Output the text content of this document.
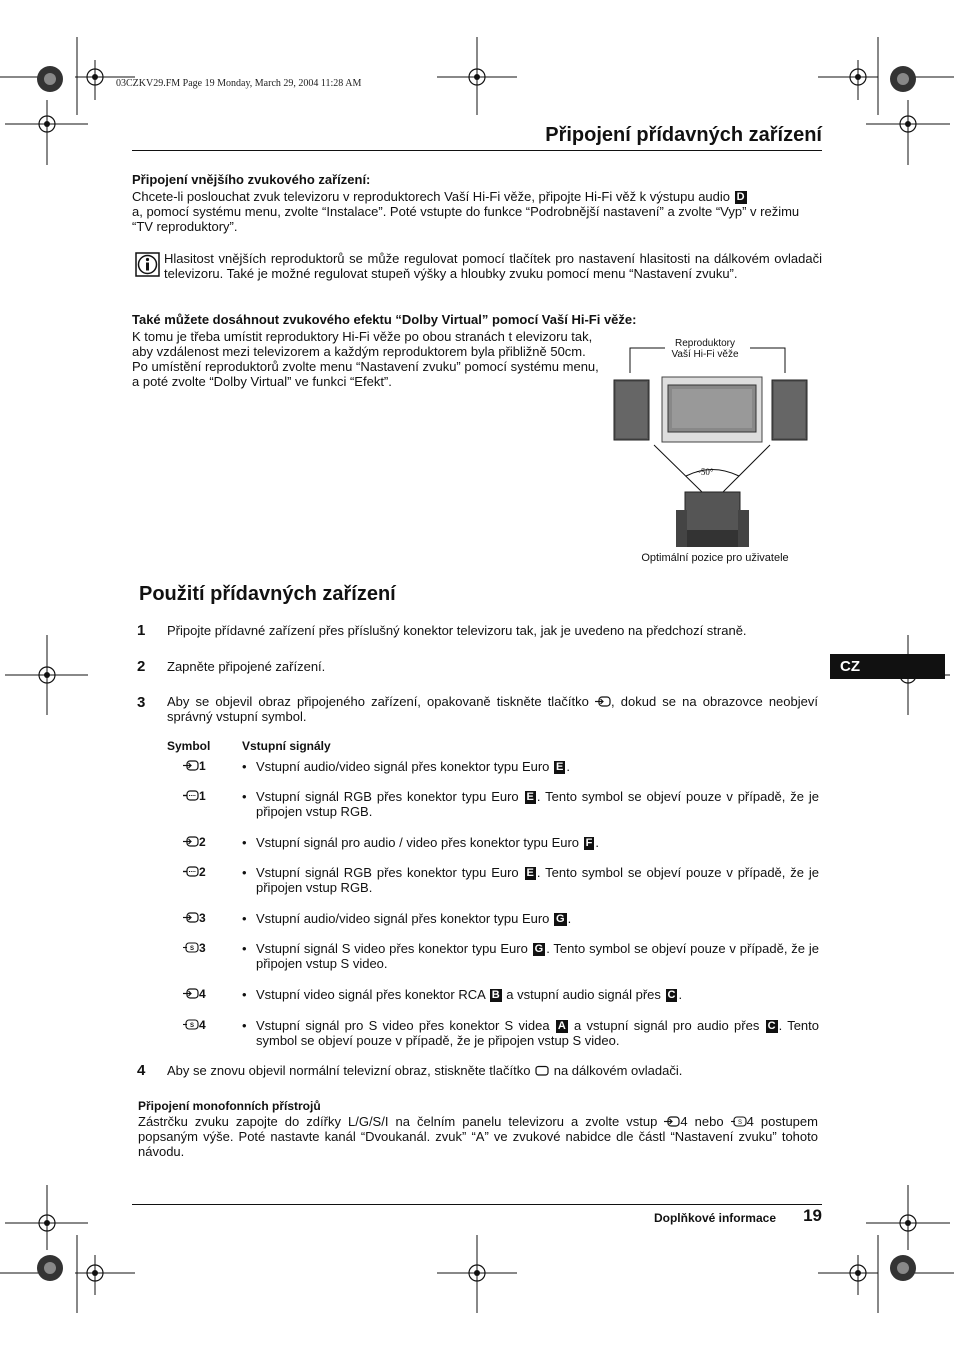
03CZKV29.FM Page 19 Monday, March 29, 2004 11:28 AM
Připojení přídavných zařízení
Připojení vnějšího zvukového zařízení:
Chcete-li poslouchat zvuk televizoru v reproduktorech Vaší Hi-Fi věže, připojte Hi-Fi věž k výstupu audio D
a, pomocí systému menu, zvolte “Instalace”. Poté vstupte do funkce “Podrobnější nastavení” a zvolte “Vyp” v režimu “TV reproduktory”.
Hlasitost vnějších reproduktorů se může regulovat pomocí tlačítek pro nastavení hlasitosti na dálkovém ovladači televizoru. Také je možné regulovat stupeň výšky a hloubky zvuku pomocí menu “Nastavení zvuku”.
Také můžete dosáhnout zvukového efektu “Dolby Virtual” pomocí Vaší Hi-Fi věže:
K tomu je třeba umístit reproduktory Hi-Fi věže po obou stranách t elevizoru tak, aby vzdálenost mezi televizorem a každým reproduktorem byla přibližně 50cm. Po umístění reproduktorů zvolte menu “Nastavení zvuku” pomocí systému menu, a poté zvolte “Dolby Virtual” ve funkci “Efekt”.
Reproduktory
Vaší Hi-Fi věže
~50°
Optimální pozice pro uživatele
Použití přídavných zařízení
1 Připojte přídavné zařízení přes příslušný konektor televizoru tak, jak je uvedeno na předchozí straně.
2 Zapněte připojené zařízení.
3 Aby se objevil obraz připojeného zařízení, opakovaně tiskněte tlačítko , dokud se na obrazovce neobjeví správný vstupní symbol.
Symbol	Vstupní signály
1	• Vstupní audio/video signál přes konektor typu Euro E .
1	• Vstupní signál RGB přes konektor typu Euro E . Tento symbol se objeví pouze v případě, že je připojen vstup RGB.
2	• Vstupní signál pro audio / video přes konektor typu Euro F .
2	• Vstupní signál RGB přes konektor typu Euro E . Tento symbol se objeví pouze v případě, že je připojen vstup RGB.
3	• Vstupní audio/video signál přes konektor typu Euro G .
S 3	• Vstupní signál S video přes konektor typu Euro G . Tento symbol se objeví pouze v případě, že je připojen vstup S video.
4	• Vstupní video signál přes konektor RCA B a vstupní audio signál přes C .
S 4	• Vstupní signál pro S video přes konektor S videa A a vstupní signál pro audio přes C . Tento symbol se objeví pouze v případě, že je připojen vstup S video.
4 Aby se znovu objevil normální televizní obraz, stiskněte tlačítko na dálkovém ovladači.
Připojení monofonních přístrojů
Zástrčku zvuku zapojte do zdířky L/G/S/I na čelním panelu televizoru a zvolte vstup 4 nebo S 4 postupem popsaným výše. Poté nastavte kanál “Dvoukanál. zvuk” “A” ve zvukové nabidce dle částl “Nastavení zvuku” tohoto návodu.
CZ
Doplňkové informace	19
